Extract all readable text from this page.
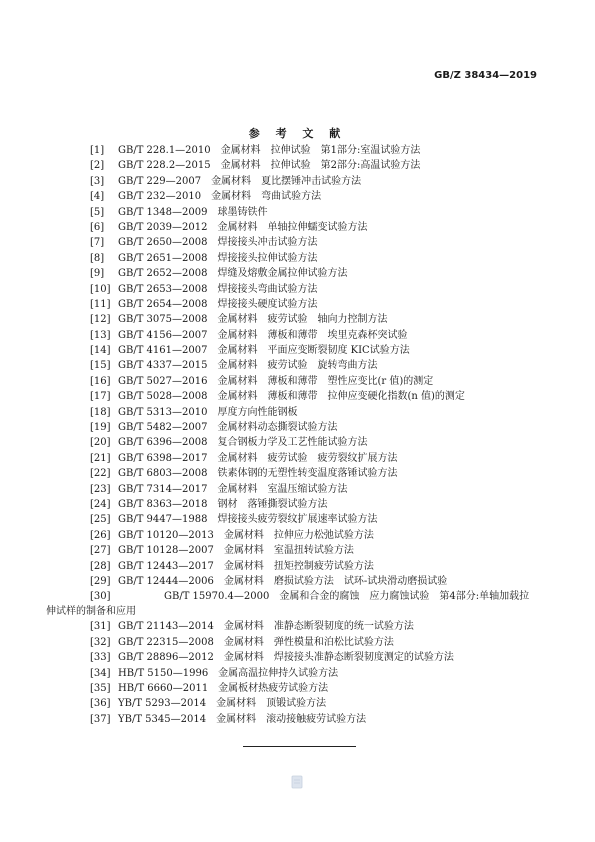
GB/Z 38434—2019
参 考 文 献
[1] GB/T 228.1—2010　金属材料　拉伸试验　第1部分:室温试验方法
[2] GB/T 228.2—2015　金属材料　拉伸试验　第2部分:高温试验方法
[3] GB/T 229—2007　金属材料　夏比摆锤冲击试验方法
[4] GB/T 232—2010　金属材料　弯曲试验方法
[5] GB/T 1348—2009　球墨铸铁件
[6] GB/T 2039—2012　金属材料　单轴拉伸蠕变试验方法
[7] GB/T 2650—2008　焊接接头冲击试验方法
[8] GB/T 2651—2008　焊接接头拉伸试验方法
[9] GB/T 2652—2008　焊缝及熔敷金属拉伸试验方法
[10] GB/T 2653—2008　焊接接头弯曲试验方法
[11] GB/T 2654—2008　焊接接头硬度试验方法
[12] GB/T 3075—2008　金属材料　疲劳试验　轴向力控制方法
[13] GB/T 4156—2007　金属材料　薄板和薄带　埃里克森杯突试验
[14] GB/T 4161—2007　金属材料　平面应变断裂韧度 KIC试验方法
[15] GB/T 4337—2015　金属材料　疲劳试验　旋转弯曲方法
[16] GB/T 5027—2016　金属材料　薄板和薄带　塑性应变比(r 值)的测定
[17] GB/T 5028—2008　金属材料　薄板和薄带　拉伸应变硬化指数(n 值)的测定
[18] GB/T 5313—2010　厚度方向性能钢板
[19] GB/T 5482—2007　金属材料动态撕裂试验方法
[20] GB/T 6396—2008　复合钢板力学及工艺性能试验方法
[21] GB/T 6398—2017　金属材料　疲劳试验　疲劳裂纹扩展方法
[22] GB/T 6803—2008　铁素体钢的无塑性转变温度落锤试验方法
[23] GB/T 7314—2017　金属材料　室温压缩试验方法
[24] GB/T 8363—2018　钢材　落锤撕裂试验方法
[25] GB/T 9447—1988　焊接接头疲劳裂纹扩展速率试验方法
[26] GB/T 10120—2013　金属材料　拉伸应力松弛试验方法
[27] GB/T 10128—2007　金属材料　室温扭转试验方法
[28] GB/T 12443—2017　金属材料　扭矩控制疲劳试验方法
[29] GB/T 12444—2006　金属材料　磨损试验方法　试环-试块滑动磨损试验
[30]	GB/T 15970.4—2000　金属和合金的腐蚀　应力腐蚀试验　第4部分:单轴加载拉伸试样的制备和应用
[31] GB/T 21143—2014　金属材料　准静态断裂韧度的统一试验方法
[32] GB/T 22315—2008　金属材料　弹性模量和泊松比试验方法
[33] GB/T 28896—2012　金属材料　焊接接头准静态断裂韧度测定的试验方法
[34] HB/T 5150—1996　金属高温拉伸持久试验方法
[35] HB/T 6660—2011　金属板材热疲劳试验方法
[36] YB/T 5293—2014　金属材料　顶锻试验方法
[37] YB/T 5345—2014　金属材料　滚动接触疲劳试验方法
